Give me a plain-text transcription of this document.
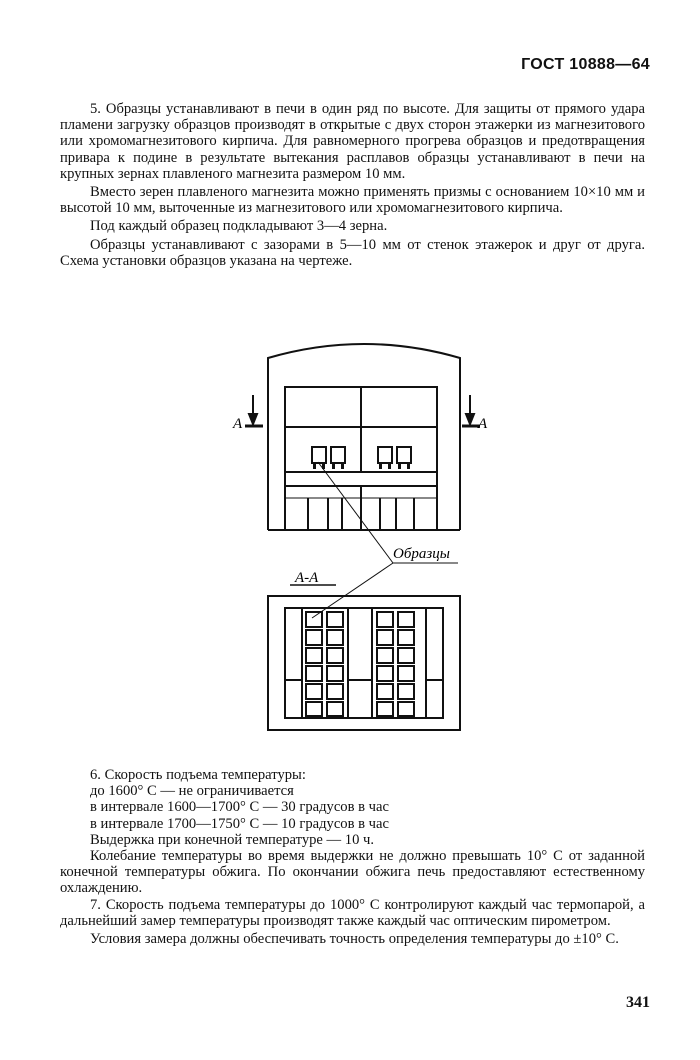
ГОСТ 10888—64

5. Образцы устанавливают в печи в один ряд по высоте. Для защиты от прямого удара пламени загрузку образцов производят в открытые с двух сторон этажерки из магнезитового или хромомагнезитового кирпича. Для равномерного прогрева образцов и предотвращения привара к подине в результате вытекания расплавов образцы устанавливают в печи на крупных зернах плавленого магнезита размером 10 мм.

Вместо зерен плавленого магнезита можно применять призмы с основанием 10×10 мм и высотой 10 мм, выточенные из магнезитового или хромомагнезитового кирпича.

Под каждый образец подкладывают 3—4 зерна.

Образцы устанавливают с зазорами в 5—10 мм от стенок этажерок и друг от друга. Схема установки образцов указана на чертеже.

А	А
Образцы
А-А

6. Скорость подъема температуры:

до 1600° С — не ограничивается

в интервале 1600—1700° С — 30 градусов в час

в интервале 1700—1750° С — 10 градусов в час

Выдержка при конечной температуре — 10 ч.

Колебание температуры во время выдержки не должно превышать 10° С от заданной конечной температуры обжига. По окончании обжига печь предоставляют естественному охлаждению.

7. Скорость подъема температуры до 1000° С контролируют каждый час термопарой, а дальнейший замер температуры производят также каждый час оптическим пирометром.

Условия замера должны обеспечивать точность определения температуры до ±10° С.

341
